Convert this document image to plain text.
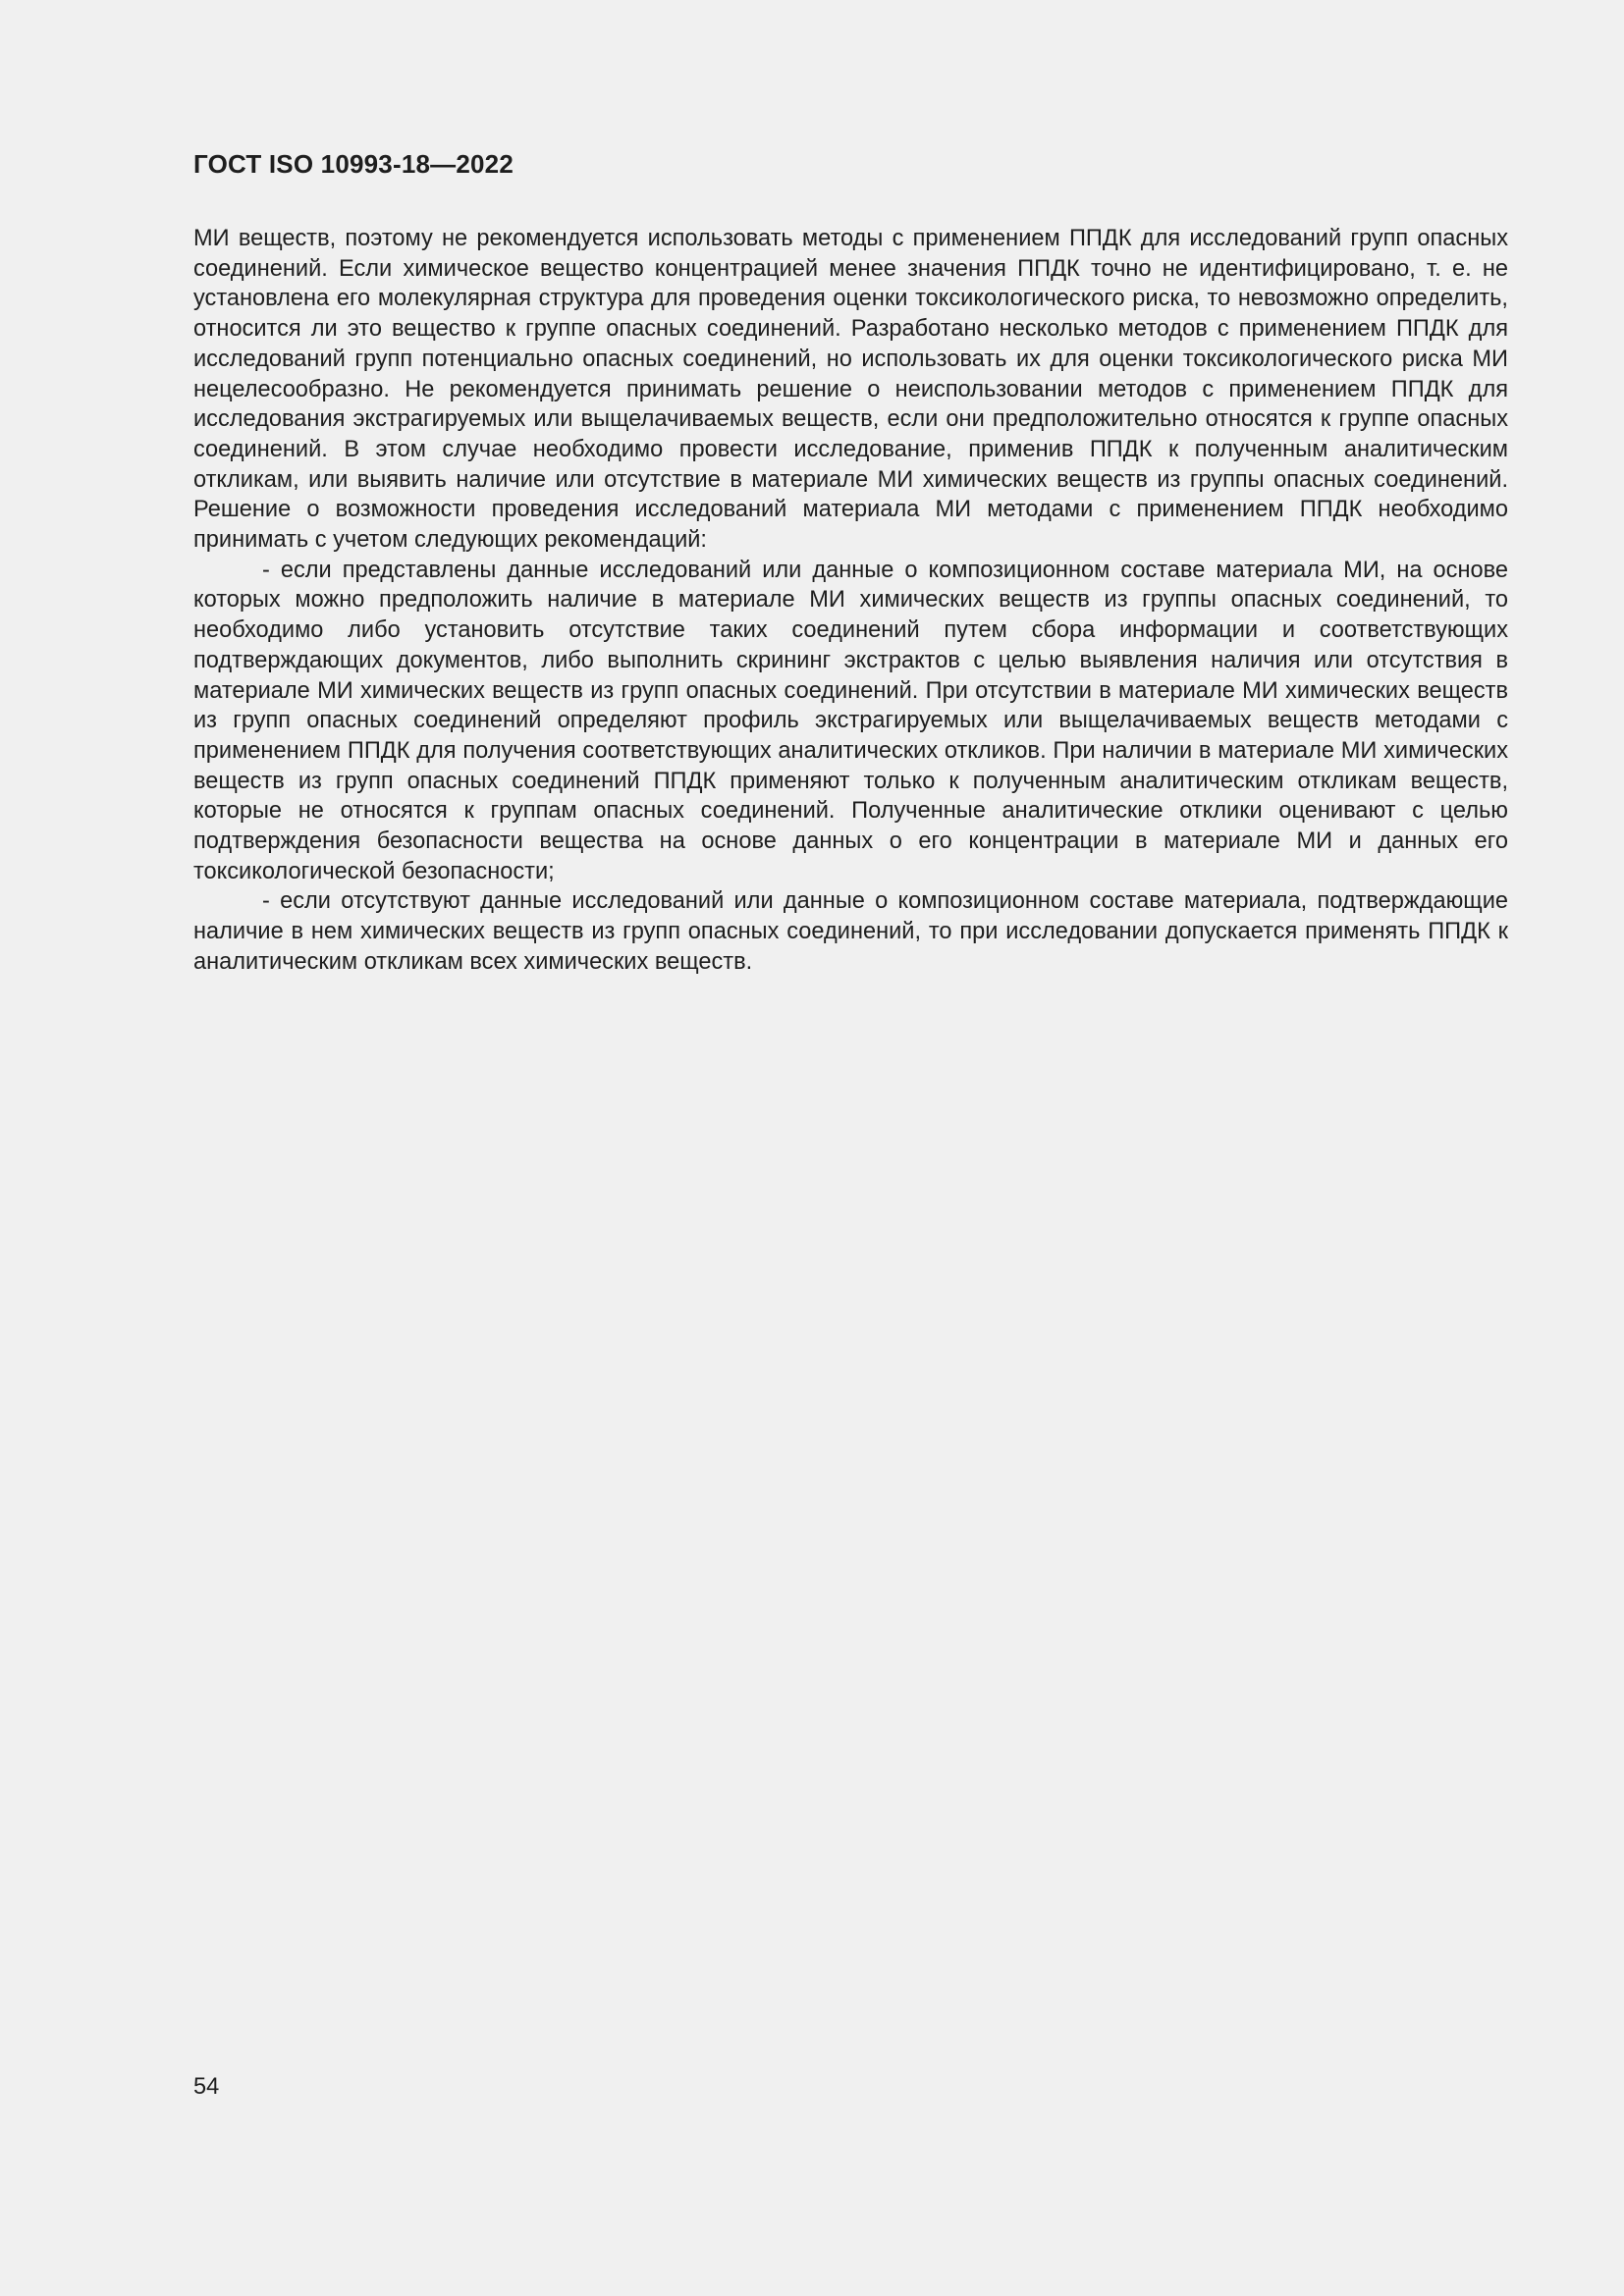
ГОСТ ISO 10993-18—2022

МИ веществ, поэтому не рекомендуется использовать методы с применением ППДК для исследований групп опасных соединений. Если химическое вещество концентрацией менее значения ППДК точно не идентифицировано, т. е. не установлена его молекулярная структура для проведения оценки токсикологического риска, то невозможно определить, относится ли это вещество к группе опасных соединений. Разработано несколько методов с применением ППДК для исследований групп потенциально опасных соединений, но использовать их для оценки токсикологического риска МИ нецелесообразно. Не рекомендуется принимать решение о неиспользовании методов с применением ППДК для исследования экстрагируемых или выщелачиваемых веществ, если они предположительно относятся к группе опасных соединений. В этом случае необходимо провести исследование, применив ППДК к полученным аналитическим откликам, или выявить наличие или отсутствие в материале МИ химических веществ из группы опасных соединений. Решение о возможности проведения исследований материала МИ методами с применением ППДК необходимо принимать с учетом следующих рекомендаций:

- если представлены данные исследований или данные о композиционном составе материала МИ, на основе которых можно предположить наличие в материале МИ химических веществ из группы опасных соединений, то необходимо либо установить отсутствие таких соединений путем сбора информации и соответствующих подтверждающих документов, либо выполнить скрининг экстрактов с целью выявления наличия или отсутствия в материале МИ химических веществ из групп опасных соединений. При отсутствии в материале МИ химических веществ из групп опасных соединений определяют профиль экстрагируемых или выщелачиваемых веществ методами с применением ППДК для получения соответствующих аналитических откликов. При наличии в материале МИ химических веществ из групп опасных соединений ППДК применяют только к полученным аналитическим откликам веществ, которые не относятся к группам опасных соединений. Полученные аналитические отклики оценивают с целью подтверждения безопасности вещества на основе данных о его концентрации в материале МИ и данных его токсикологической безопасности;

- если отсутствуют данные исследований или данные о композиционном составе материала, подтверждающие наличие в нем химических веществ из групп опасных соединений, то при исследовании допускается применять ППДК к аналитическим откликам всех химических веществ.

54
